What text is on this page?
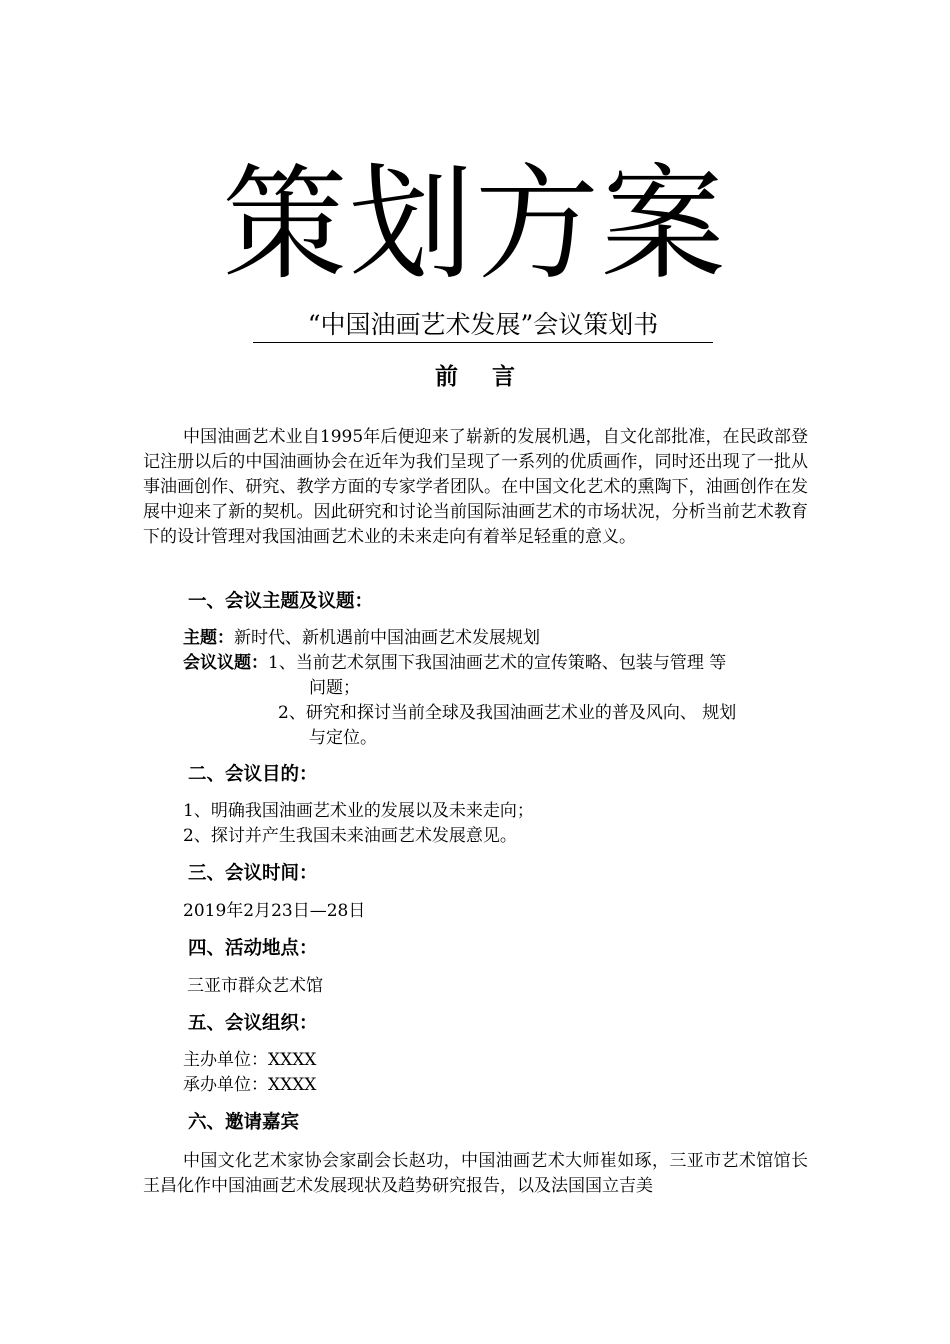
策划方案
“中国油画艺术发展”会议策划书
前言
中国油画艺术业自1995年后便迎来了崭新的发展机遇，自文化部批准，在民政部登记注册以后的中国油画协会在近年为我们呈现了一系列的优质画作，同时还出现了一批从事油画创作、研究、教学方面的专家学者团队。在中国文化艺术的熏陶下，油画创作在发展中迎来了新的契机。因此研究和讨论当前国际油画艺术的市场状况，分析当前艺术教育下的设计管理对我国油画艺术业的未来走向有着举足轻重的意义。
一、会议主题及议题：
主题：新时代、新机遇前中国油画艺术发展规划
会议议题：1、当前艺术氛围下我国油画艺术的宣传策略、包装与管理 等
问题；
2、研究和探讨当前全球及我国油画艺术业的普及风向、 规划
与定位。
二、会议目的：
1、明确我国油画艺术业的发展以及未来走向；
2、探讨并产生我国未来油画艺术发展意见。
三、会议时间：
2019年2月23日—28日
四、活动地点：
三亚市群众艺术馆
五、会议组织：
主办单位：XXXX
承办单位：XXXX
六、邀请嘉宾
中国文化艺术家协会家副会长赵功，中国油画艺术大师崔如琢，三亚市艺术馆馆长王昌化作中国油画艺术发展现状及趋势研究报告，以及法国国立吉美
